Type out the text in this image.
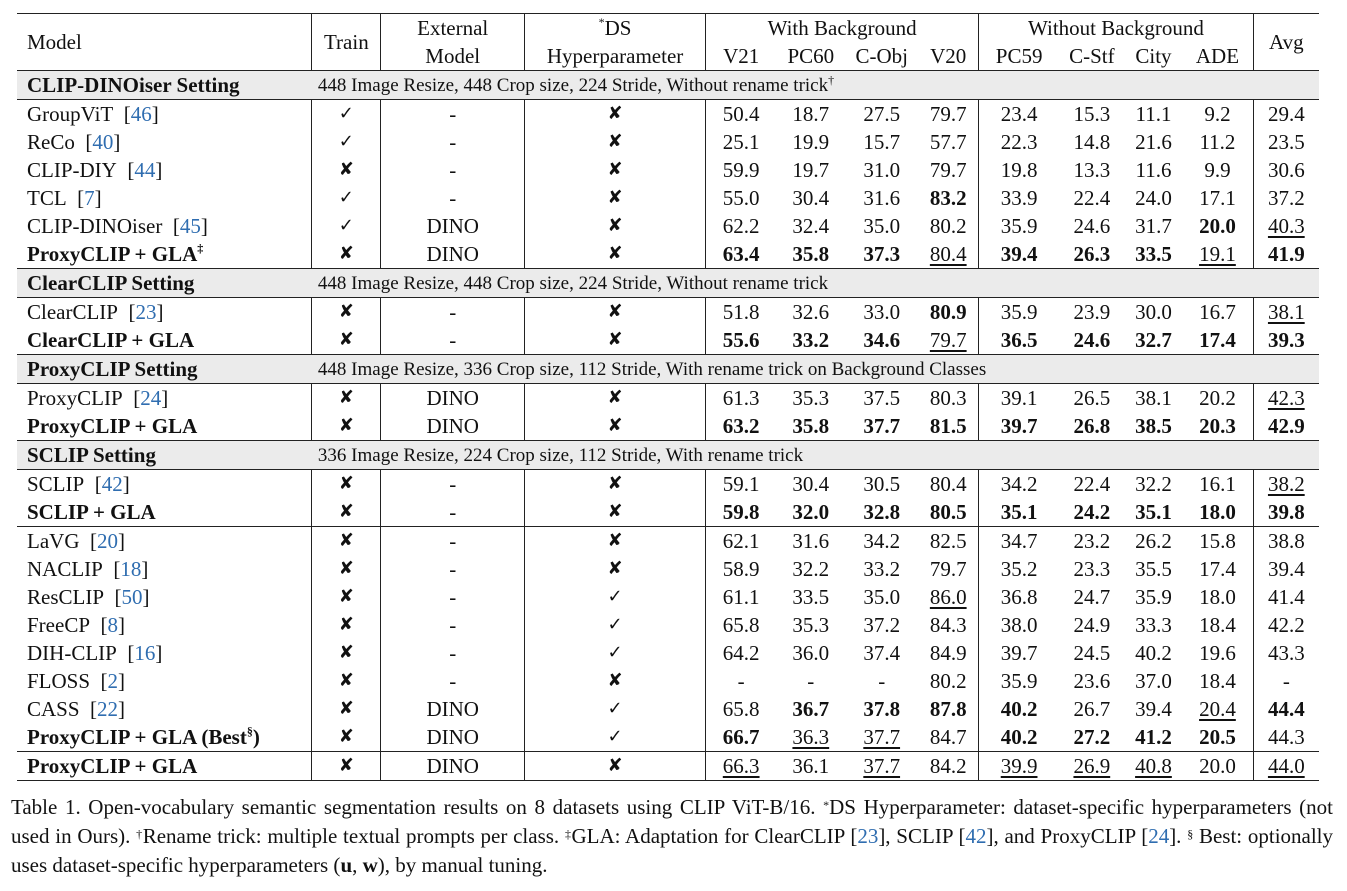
Model	Train	External	*DS	With Background				Without Background				Avg
		Model	Hyperparameter	V21	PC60	C-Obj	V20	PC59	C-Stf	City	ADE	
CLIP-DINOiser Setting	448 Image Resize, 448 Crop size, 224 Stride, Without rename trick†
GroupViT  [46]	✓	-	✘	50.4	18.7	27.5	79.7	23.4	15.3	11.1	9.2	29.4
ReCo  [40]	✓	-	✘	25.1	19.9	15.7	57.7	22.3	14.8	21.6	11.2	23.5
CLIP-DIY  [44]	✘	-	✘	59.9	19.7	31.0	79.7	19.8	13.3	11.6	9.9	30.6
TCL  [7]	✓	-	✘	55.0	30.4	31.6	83.2	33.9	22.4	24.0	17.1	37.2
CLIP-DINOiser  [45]	✓	DINO	✘	62.2	32.4	35.0	80.2	35.9	24.6	31.7	20.0	40.3
ProxyCLIP + GLA‡	✘	DINO	✘	63.4	35.8	37.3	80.4	39.4	26.3	33.5	19.1	41.9
ClearCLIP Setting	448 Image Resize, 448 Crop size, 224 Stride, Without rename trick											
ClearCLIP  [23]	✘	-	✘	51.8	32.6	33.0	80.9	35.9	23.9	30.0	16.7	38.1
ClearCLIP + GLA	✘	-	✘	55.6	33.2	34.6	79.7	36.5	24.6	32.7	17.4	39.3
ProxyCLIP Setting	448 Image Resize, 336 Crop size, 112 Stride, With rename trick on Background Classes											
ProxyCLIP  [24]	✘	DINO	✘	61.3	35.3	37.5	80.3	39.1	26.5	38.1	20.2	42.3
ProxyCLIP + GLA	✘	DINO	✘	63.2	35.8	37.7	81.5	39.7	26.8	38.5	20.3	42.9
SCLIP Setting	336 Image Resize, 224 Crop size, 112 Stride, With rename trick											
SCLIP  [42]	✘	-	✘	59.1	30.4	30.5	80.4	34.2	22.4	32.2	16.1	38.2
SCLIP + GLA	✘	-	✘	59.8	32.0	32.8	80.5	35.1	24.2	35.1	18.0	39.8
LaVG  [20]	✘	-	✘	62.1	31.6	34.2	82.5	34.7	23.2	26.2	15.8	38.8
NACLIP  [18]	✘	-	✘	58.9	32.2	33.2	79.7	35.2	23.3	35.5	17.4	39.4
ResCLIP  [50]	✘	-	✓	61.1	33.5	35.0	86.0	36.8	24.7	35.9	18.0	41.4
FreeCP  [8]	✘	-	✓	65.8	35.3	37.2	84.3	38.0	24.9	33.3	18.4	42.2
DIH-CLIP  [16]	✘	-	✓	64.2	36.0	37.4	84.9	39.7	24.5	40.2	19.6	43.3
FLOSS  [2]	✘	-	✘	-	-	-	80.2	35.9	23.6	37.0	18.4	-
CASS  [22]	✘	DINO	✓	65.8	36.7	37.8	87.8	40.2	26.7	39.4	20.4	44.4
ProxyCLIP + GLA (Best§)	✘	DINO	✓	66.7	36.3	37.7	84.7	40.2	27.2	41.2	20.5	44.3
ProxyCLIP + GLA	✘	DINO	✘	66.3	36.1	37.7	84.2	39.9	26.9	40.8	20.0	44.0
Table 1. Open-vocabulary semantic segmentation results on 8 datasets using CLIP ViT-B/16. *DS Hyperparameter: dataset-specific hyperparameters (not used in Ours). †Rename trick: multiple textual prompts per class. ‡GLA: Adaptation for ClearCLIP [23], SCLIP [42], and ProxyCLIP [24]. § Best: optionally uses dataset-specific hyperparameters (u, w), by manual tuning.
